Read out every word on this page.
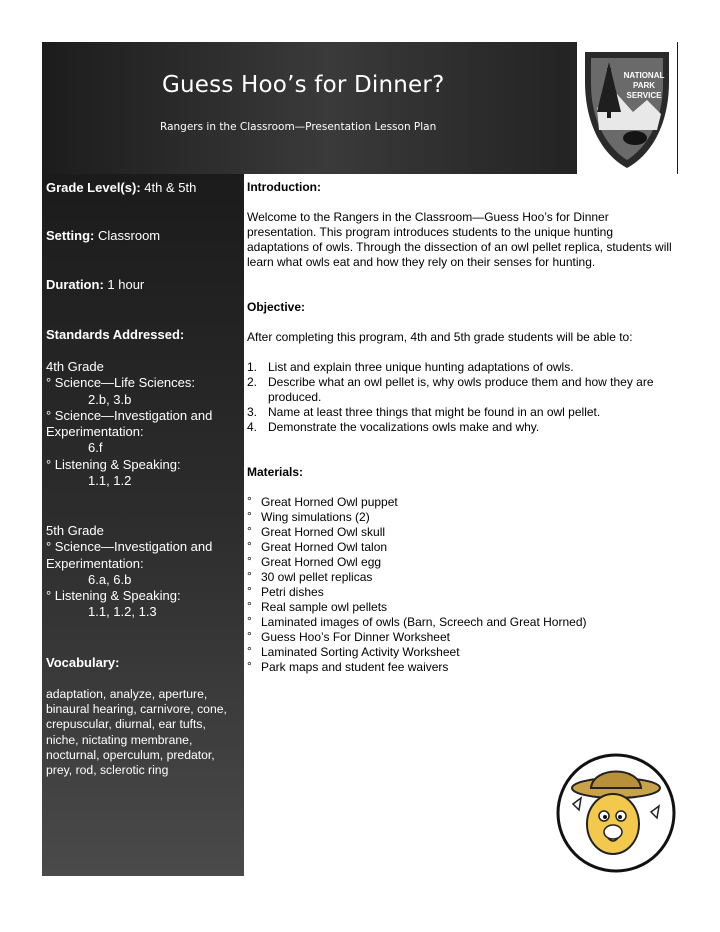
Guess Hoo’s for Dinner?
Rangers in the Classroom—Presentation Lesson Plan
NATIONAL
PARK
SERVICE
Grade Level(s): 4th & 5th
Setting: Classroom
Duration: 1 hour
Standards Addressed:
4th Grade
° Science—Life Sciences:
2.b, 3.b
° Science—Investigation and Experimentation:
6.f
° Listening & Speaking:
1.1, 1.2
5th Grade
° Science—Investigation and Experimentation:
6.a, 6.b
° Listening & Speaking:
1.1, 1.2, 1.3
Vocabulary:
adaptation, analyze, aperture, binaural hearing, carnivore, cone, crepuscular, diurnal, ear tufts, niche, nictating membrane, nocturnal, operculum, predator, prey, rod, sclerotic ring

Introduction:

Welcome to the Rangers in the Classroom—Guess Hoo’s for Dinner presentation. This program introduces students to the unique hunting adaptations of owls. Through the dissection of an owl pellet replica, students will learn what owls eat and how they rely on their senses for hunting.

Objective:

After completing this program, 4th and 5th grade students will be able to:

1. List and explain three unique hunting adaptations of owls.
2. Describe what an owl pellet is, why owls produce them and how they are produced.
3. Name at least three things that might be found in an owl pellet.
4. Demonstrate the vocalizations owls make and why.

Materials:

° Great Horned Owl puppet
° Wing simulations (2)
° Great Horned Owl skull
° Great Horned Owl talon
° Great Horned Owl egg
° 30 owl pellet replicas
° Petri dishes
° Real sample owl pellets
° Laminated images of owls (Barn, Screech and Great Horned)
° Guess Hoo’s For Dinner Worksheet
° Laminated Sorting Activity Worksheet
° Park maps and student fee waivers
